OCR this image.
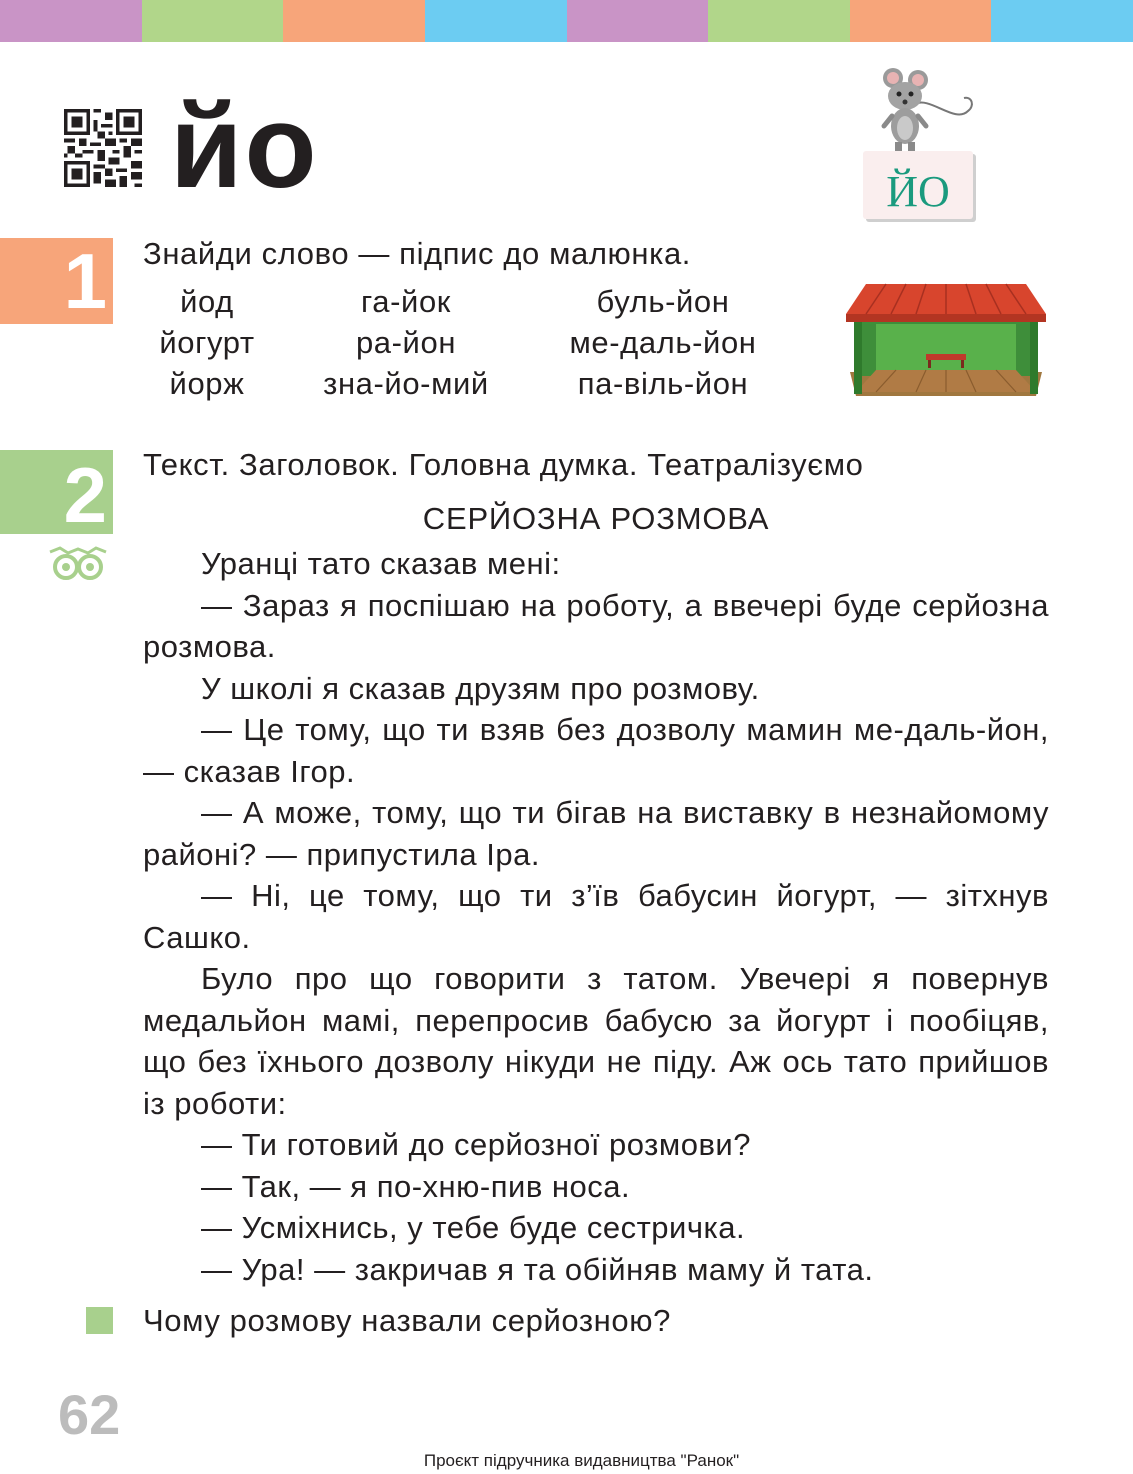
йо	ЙО
1 Знайди слово — підпис до малюнка.
йод
йогурт
йорж
га-йок
ра-йон
зна-йо-мий
буль-йон
ме-даль-йон
па-віль-йон
2 Текст. Заголовок. Головна думка. Театралізуємо
СЕРЙОЗНА РОЗМОВА

Уранці тато сказав мені:

— Зараз я поспішаю на роботу, а ввечері буде серйозна розмова.

У школі я сказав друзям про розмову.

— Це тому, що ти взяв без дозволу мамин ме-даль-йон, — сказав Ігор.

— А може, тому, що ти бігав на виставку в незнайомому районі? — припустила Іра.

— Ні, це тому, що ти з’їв бабусин йогурт, — зітхнув Сашко.

Було про що говорити з татом. Увечері я повернув медальйон мамі, перепросив бабусю за йогурт і пообіцяв, що без їхнього дозволу нікуди не піду. Аж ось тато прийшов із роботи:

— Ти готовий до серйозної розмови?

— Так, — я по-хню-пив носа.

— Усміхнись, у тебе буде сестричка.

— Ура! — закричав я та обійняв маму й тата.

Чому розмову назвали серйозною?
62
Проєкт підручника видавництва "Ранок"
